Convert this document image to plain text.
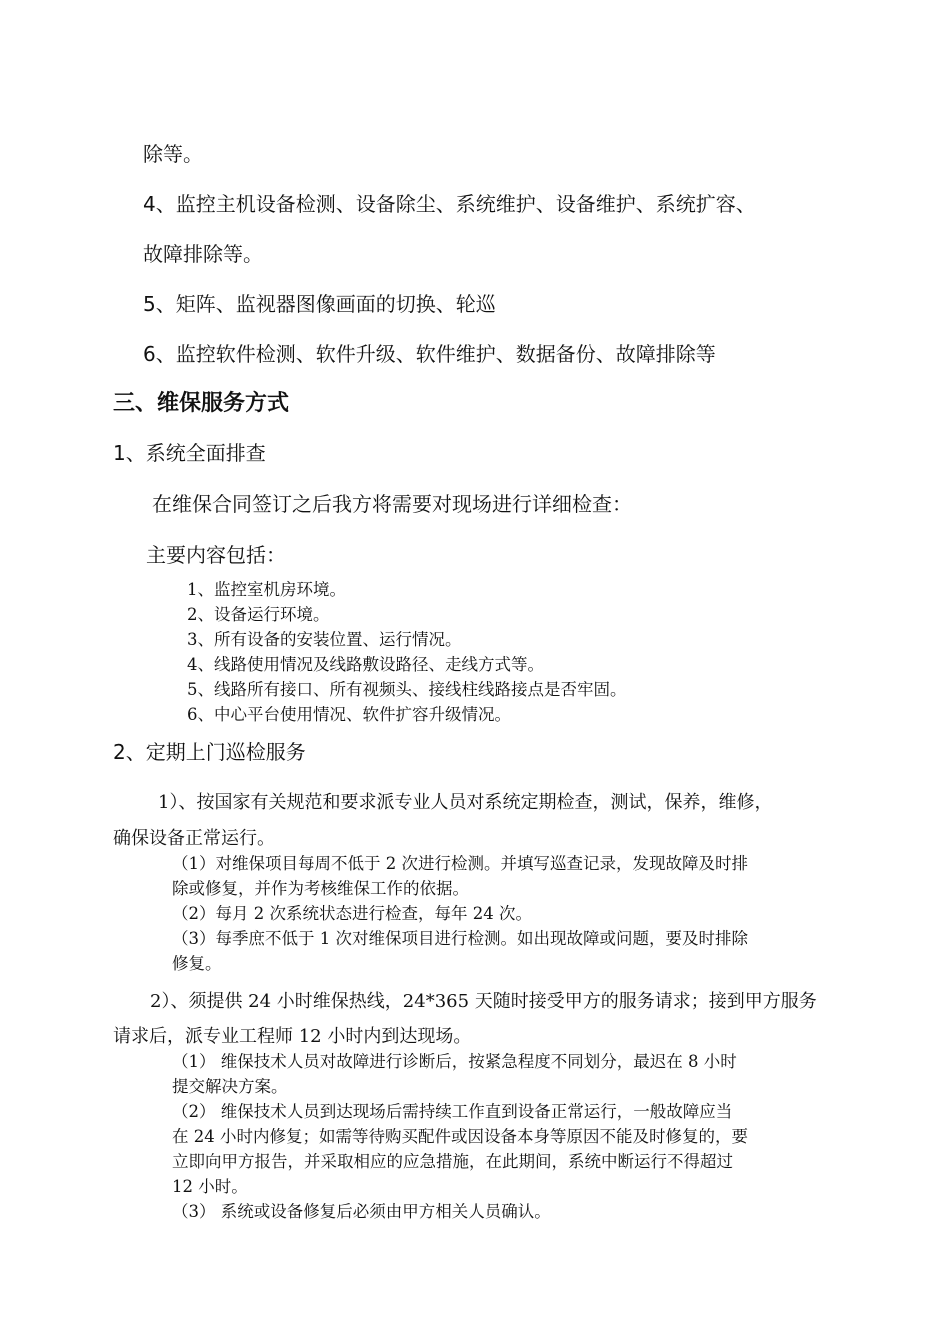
除等。
4、监控主机设备检测、设备除尘、系统维护、设备维护、系统扩容、
故障排除等。
5、矩阵、监视器图像画面的切换、轮巡
6、监控软件检测、软件升级、软件维护、数据备份、故障排除等
三、维保服务方式
1、系统全面排查
在维保合同签订之后我方将需要对现场进行详细检查：
主要内容包括：
1、监控室机房环境。
2、设备运行环境。
3、所有设备的安装位置、运行情况。
4、线路使用情况及线路敷设路径、走线方式等。
5、线路所有接口、所有视频头、接线柱线路接点是否牢固。
6、中心平台使用情况、软件扩容升级情况。
2、定期上门巡检服务
1）、按国家有关规范和要求派专业人员对系统定期检查，测试，保养，维修，
确保设备正常运行。
（1）对维保项目每周不低于 2 次进行检测。并填写巡查记录，发现故障及时排
除或修复，并作为考核维保工作的依据。
（2）每月 2 次系统状态进行检查，每年 24 次。
（3）每季庶不低于 1 次对维保项目进行检测。如出现故障或问题，要及时排除
修复。
2）、须提供 24 小时维保热线，24*365 天随时接受甲方的服务请求；接到甲方服务
请求后，派专业工程师 12 小时内到达现场。
（1） 维保技术人员对故障进行诊断后，按紧急程度不同划分，最迟在 8 小时
提交解决方案。
（2） 维保技术人员到达现场后需持续工作直到设备正常运行，一般故障应当
在 24 小时内修复；如需等待购买配件或因设备本身等原因不能及时修复的，要
立即向甲方报告，并采取相应的应急措施，在此期间，系统中断运行不得超过
12 小时。
（3） 系统或设备修复后必须由甲方相关人员确认。
